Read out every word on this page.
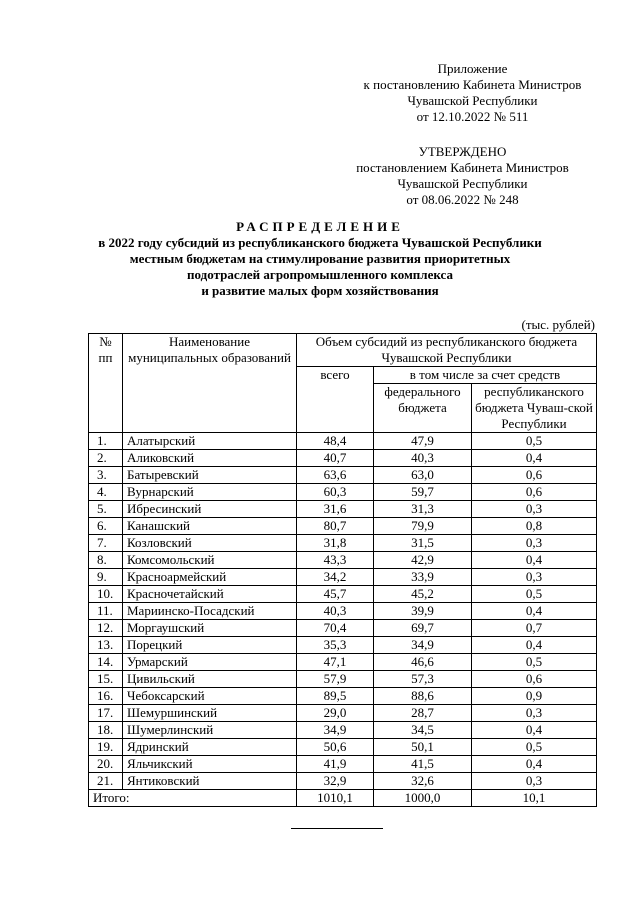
Приложение
к постановлению Кабинета Министров
Чувашской Республики
от 12.10.2022 № 511
УТВЕРЖДЕНО
постановлением Кабинета Министров
Чувашской Республики
от 08.06.2022 № 248
РАСПРЕДЕЛЕНИЕ
в 2022 году субсидий из республиканского бюджета Чувашской Республики
местным бюджетам на стимулирование развития приоритетных
подотраслей агропромышленного комплекса
и развитие малых форм хозяйствования
(тыс. рублей)
№ пп	Наименование муниципальных образований	Объем субсидий из республиканского бюджета Чувашской Республики		
		всего	в том числе за счет средств	
			федерального бюджета	республиканского бюджета Чуваш-ской Республики
1.	Алатырский	48,4	47,9	0,5
2.	Аликовский	40,7	40,3	0,4
3.	Батыревский	63,6	63,0	0,6
4.	Вурнарский	60,3	59,7	0,6
5.	Ибресинский	31,6	31,3	0,3
6.	Канашский	80,7	79,9	0,8
7.	Козловский	31,8	31,5	0,3
8.	Комсомольский	43,3	42,9	0,4
9.	Красноармейский	34,2	33,9	0,3
10.	Красночетайский	45,7	45,2	0,5
11.	Мариинско-Посадский	40,3	39,9	0,4
12.	Моргаушский	70,4	69,7	0,7
13.	Порецкий	35,3	34,9	0,4
14.	Урмарский	47,1	46,6	0,5
15.	Цивильский	57,9	57,3	0,6
16.	Чебоксарский	89,5	88,6	0,9
17.	Шемуршинский	29,0	28,7	0,3
18.	Шумерлинский	34,9	34,5	0,4
19.	Ядринский	50,6	50,1	0,5
20.	Яльчикский	41,9	41,5	0,4
21.	Янтиковский	32,9	32,6	0,3
Итого:		1010,1	1000,0	10,1
